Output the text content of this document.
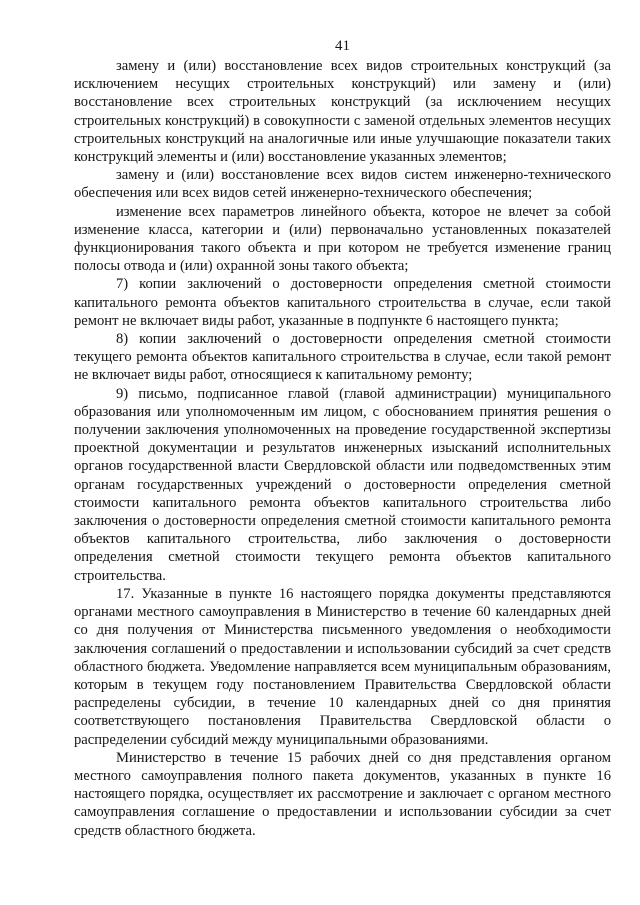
41

замену и (или) восстановление всех видов строительных конструкций (за исключением несущих строительных конструкций) или замену и (или) восстановление всех строительных конструкций (за исключением несущих строительных конструкций) в совокупности с заменой отдельных элементов несущих строительных конструкций на аналогичные или иные улучшающие показатели таких конструкций элементы и (или) восстановление указанных элементов;

замену и (или) восстановление всех видов систем инженерно-технического обеспечения или всех видов сетей инженерно-технического обеспечения;

изменение всех параметров линейного объекта, которое не влечет за собой изменение класса, категории и (или) первоначально установленных показателей функционирования такого объекта и при котором не требуется изменение границ полосы отвода и (или) охранной зоны такого объекта;

7) копии заключений о достоверности определения сметной стоимости капитального ремонта объектов капитального строительства в случае, если такой ремонт не включает виды работ, указанные в подпункте 6 настоящего пункта;

8) копии заключений о достоверности определения сметной стоимости текущего ремонта объектов капитального строительства в случае, если такой ремонт не включает виды работ, относящиеся к капитальному ремонту;

9) письмо, подписанное главой (главой администрации) муниципального образования или уполномоченным им лицом, с обоснованием принятия решения о получении заключения уполномоченных на проведение государственной экспертизы проектной документации и результатов инженерных изысканий исполнительных органов государственной власти Свердловской области или подведомственных этим органам государственных учреждений о достоверности определения сметной стоимости капитального ремонта объектов капитального строительства либо заключения о достоверности определения сметной стоимости капитального ремонта объектов капитального строительства, либо заключения о достоверности определения сметной стоимости текущего ремонта объектов капитального строительства.

17. Указанные в пункте 16 настоящего порядка документы представляются органами местного самоуправления в Министерство в течение 60 календарных дней со дня получения от Министерства письменного уведомления о необходимости заключения соглашений о предоставлении и использовании субсидий за счет средств областного бюджета. Уведомление направляется всем муниципальным образованиям, которым в текущем году постановлением Правительства Свердловской области распределены субсидии, в течение 10 календарных дней со дня принятия соответствующего постановления Правительства Свердловской области о распределении субсидий между муниципальными образованиями.

Министерство в течение 15 рабочих дней со дня представления органом местного самоуправления полного пакета документов, указанных в пункте 16 настоящего порядка, осуществляет их рассмотрение и заключает с органом местного самоуправления соглашение о предоставлении и использовании субсидии за счет средств областного бюджета.
